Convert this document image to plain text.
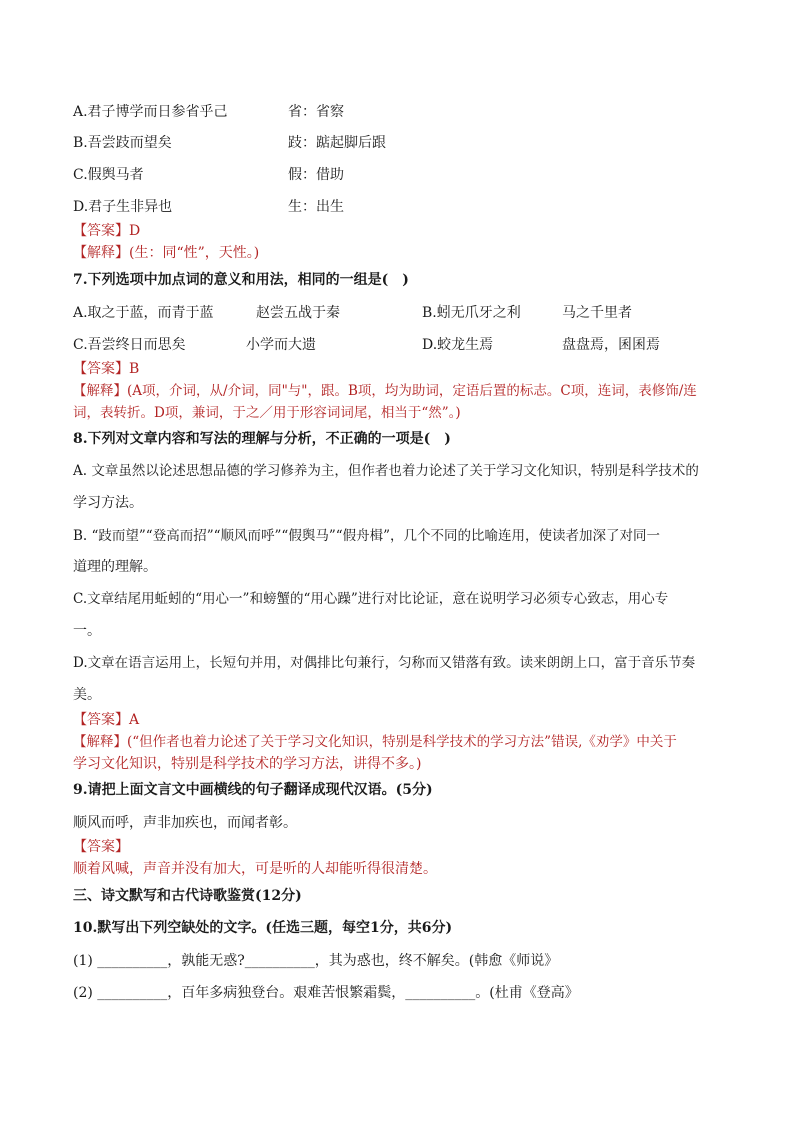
A.君子博学而日参省乎己	省：省察
B.吾尝跂而望矣	跂：踮起脚后跟
C.假舆马者	假：借助
D.君子生非异也	生：出生
【答案】D
【解释】(生：同“性”，天性。)
7.下列选项中加点词的意义和用法，相同的一组是(　)
A.取之于蓝，而青于蓝	赵尝五战于秦	B.蚓无爪牙之利	马之千里者
C.吾尝终日而思矣	小学而大遗	D.蛟龙生焉	盘盘焉，囷囷焉
【答案】B
【解释】(A项，介词，从/介词，同"与"，跟。B项，均为助词，定语后置的标志。C项，连词，表修饰/连
词，表转折。D项，兼词，于之／用于形容词词尾，相当于“然”。)
8.下列对文章内容和写法的理解与分析，不正确的一项是(　)
A. 文章虽然以论述思想品德的学习修养为主，但作者也着力论述了关于学习文化知识，特别是科学技术的
学习方法。
B. “跂而望”“登高而招”“顺风而呼”“假舆马”“假舟楫”，几个不同的比喻连用，使读者加深了对同一
道理的理解。
C.文章结尾用蚯蚓的“用心一”和螃蟹的“用心躁”进行对比论证，意在说明学习必须专心致志，用心专
一。
D.文章在语言运用上，长短句并用，对偶排比句兼行，匀称而又错落有致。读来朗朗上口，富于音乐节奏
美。
【答案】A
【解释】(“但作者也着力论述了关于学习文化知识，特别是科学技术的学习方法”错误,《劝学》中关于
学习文化知识，特别是科学技术的学习方法，讲得不多。)
9.请把上面文言文中画横线的句子翻译成现代汉语。(5分)
顺风而呼，声非加疾也，而闻者彰。
【答案】
顺着风喊，声音并没有加大，可是听的人却能听得很清楚。
三、诗文默写和古代诗歌鉴赏(12分)
10.默写出下列空缺处的文字。(任选三题，每空1分，共6分)
(1) __________，孰能无惑?__________，其为惑也，终不解矣。(韩愈《师说》
(2) __________，百年多病独登台。艰难苦恨繁霜鬓，__________。(杜甫《登高》
